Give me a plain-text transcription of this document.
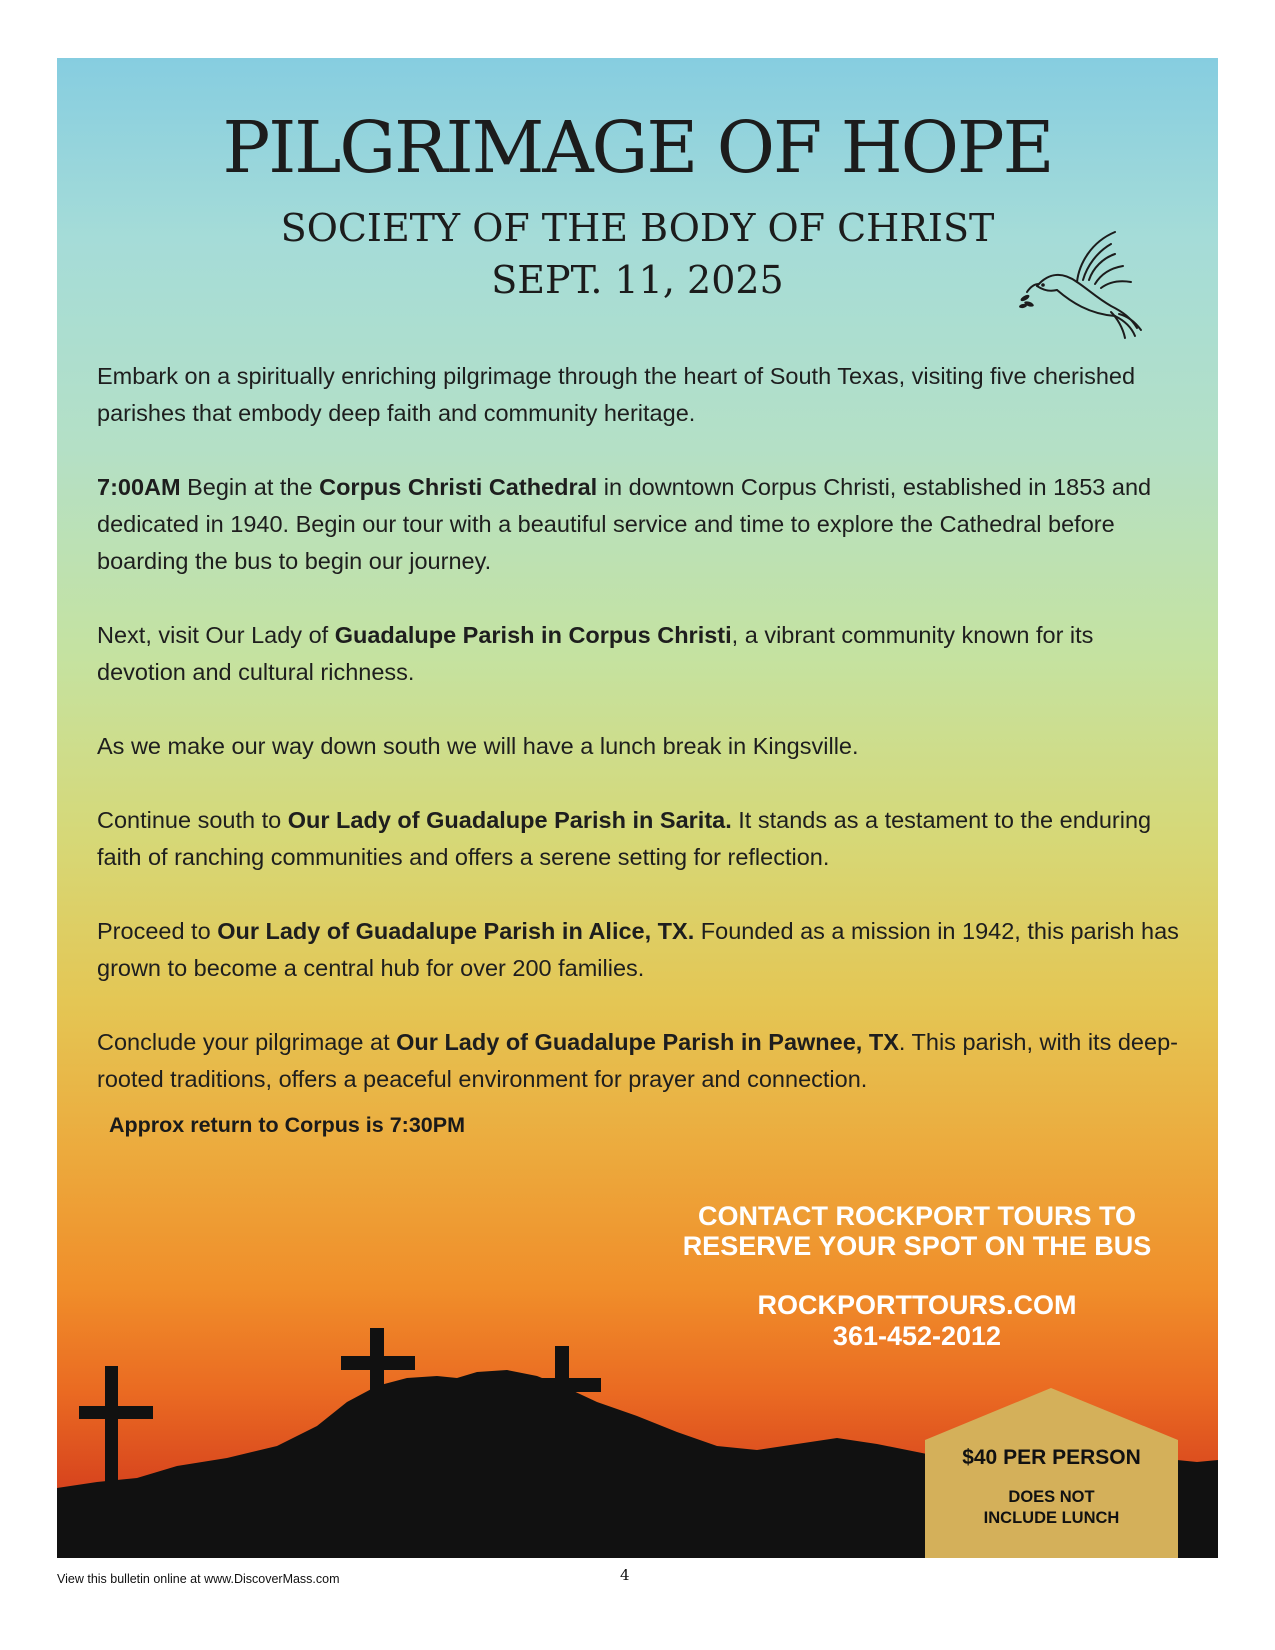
PILGRIMAGE OF HOPE
SOCIETY OF THE BODY OF CHRIST
SEPT. 11, 2025

Embark on a spiritually enriching pilgrimage through the heart of South Texas, visiting five cherished parishes that embody deep faith and community heritage.

7:00AM Begin at the Corpus Christi Cathedral in downtown Corpus Christi, established in 1853 and dedicated in 1940. Begin our tour with a beautiful service and time to explore the Cathedral before boarding the bus to begin our journey.

Next, visit Our Lady of Guadalupe Parish in Corpus Christi, a vibrant community known for its devotion and cultural richness.

As we make our way down south we will have a lunch break in Kingsville.

Continue south to Our Lady of Guadalupe Parish in Sarita. It stands as a testament to the enduring faith of ranching communities and offers a serene setting for reflection.

Proceed to Our Lady of Guadalupe Parish in Alice, TX. Founded as a mission in 1942, this parish has grown to become a central hub for over 200 families.

Conclude your pilgrimage at Our Lady of Guadalupe Parish in Pawnee, TX. This parish, with its deep-rooted traditions, offers a peaceful environment for prayer and connection.

Approx return to Corpus is 7:30PM
CONTACT ROCKPORT TOURS TO
RESERVE YOUR SPOT ON THE BUS
ROCKPORTTOURS.COM
361-452-2012
$40 PER PERSON
DOES NOT
INCLUDE LUNCH
View this bulletin online at www.DiscoverMass.com	4
